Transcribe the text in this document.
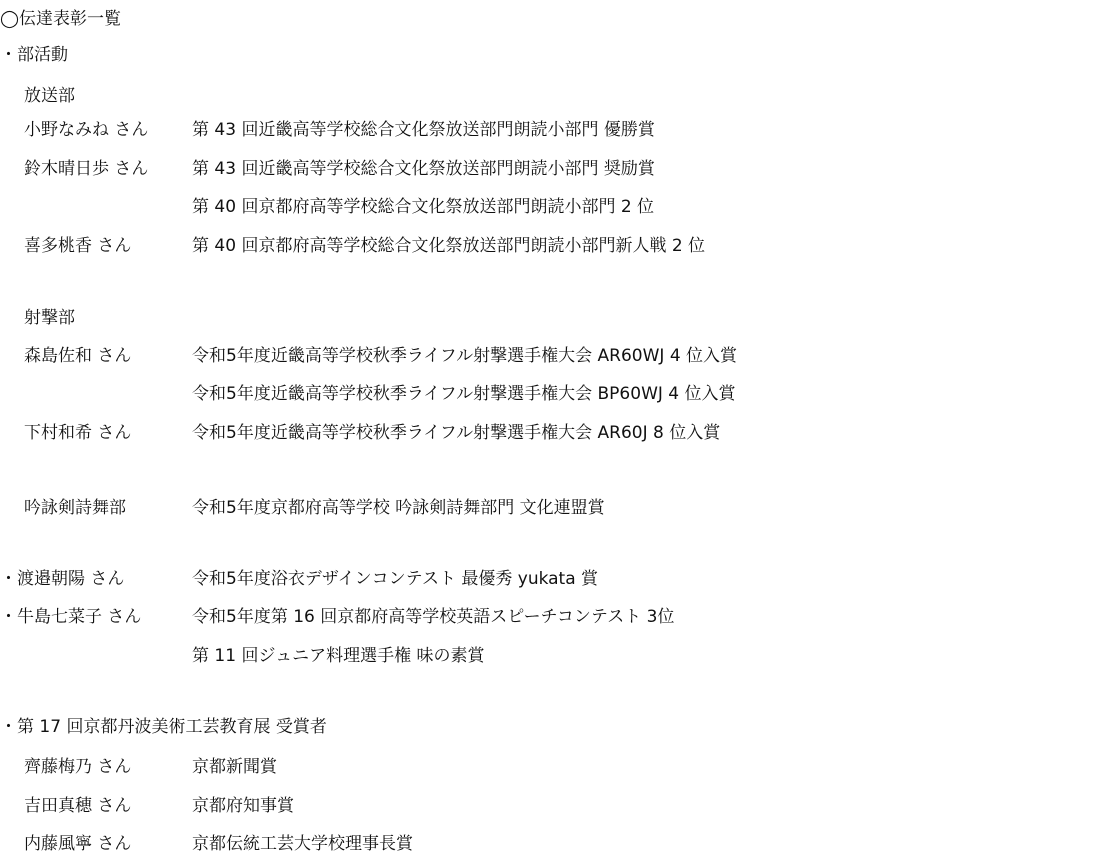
◯伝達表彰一覧
・部活動
放送部
小野なみね さん	第 43 回近畿高等学校総合文化祭放送部門朗読小部門 優勝賞
鈴木晴日歩 さん	第 43 回近畿高等学校総合文化祭放送部門朗読小部門 奨励賞
第 40 回京都府高等学校総合文化祭放送部門朗読小部門 2 位
喜多桃香 さん	第 40 回京都府高等学校総合文化祭放送部門朗読小部門新人戦 2 位
射撃部
森島佐和 さん	令和5年度近畿高等学校秋季ライフル射撃選手権大会 AR60WJ 4 位入賞
令和5年度近畿高等学校秋季ライフル射撃選手権大会 BP60WJ 4 位入賞
下村和希 さん	令和5年度近畿高等学校秋季ライフル射撃選手権大会 AR60J 8 位入賞
吟詠剣詩舞部	令和5年度京都府高等学校 吟詠剣詩舞部門 文化連盟賞
・渡邉朝陽 さん	令和5年度浴衣デザインコンテスト 最優秀 yukata 賞
・牛島七菜子 さん	令和5年度第 16 回京都府高等学校英語スピーチコンテスト 3位
第 11 回ジュニア料理選手権 味の素賞
・第 17 回京都丹波美術工芸教育展 受賞者
齊藤梅乃 さん	京都新聞賞
吉田真穂 さん	京都府知事賞
内藤風寧 さん	京都伝統工芸大学校理事長賞
